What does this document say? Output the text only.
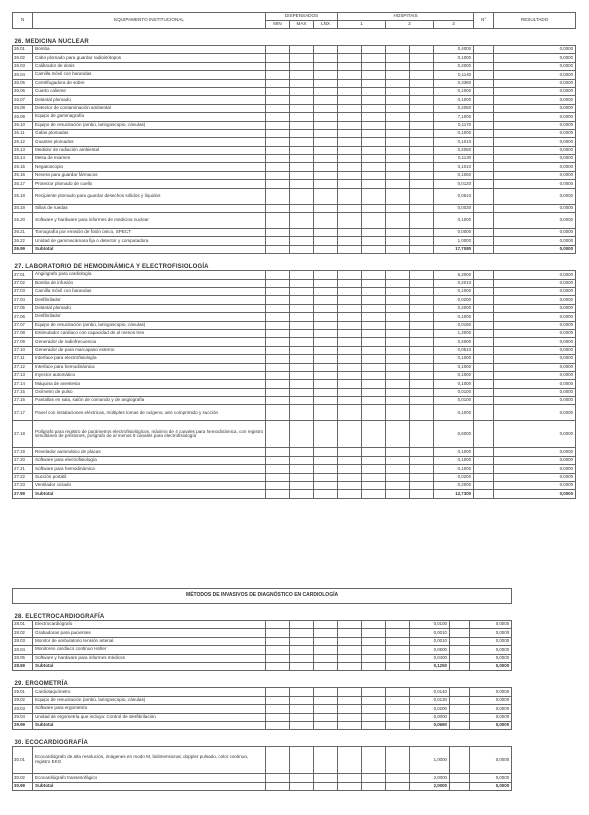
N	EQUIPAMENTO INSTITUCIONAL	DISPENSADOS			HOSPITAIS					N°	RESULTADO
		MIN	MAX	LNX	1		2		3		

26. MEDICINA NUCLEAR											
26.01	Bomba								0,4000		0,0000
26.02	Cabo plomado para guardar radioisótopos								0,1000		0,0000
26.03	Calibrador de dosis								0,2000		0,0000
26.04	Camilla móvil con barandas								0,1140		0,0000
26.05	Centrifugadora de sobre								0,3360		0,0000
26.06	Cuarto caliente								0,1000		0,0000
26.07	Delantal plomado								0,1000		0,0000
26.08	Detector de contaminación ambiental								0,2050		0,0000
26.09	Equipo de gammagrafía								7,1000		0,0000
26.10	Equipo de resucitación (ambú, laringoscopio, cánulas)								0,1170		0,0000
26.11	Gafas plomadas								0,1000		0,0000
26.12	Guantes plomados								0,1010		0,0000
26.13	Medidor de radiación ambiental								0,2050		0,0000
26.14	Mesa de examen								0,1130		0,0000
26.15	Negatoscopio								0,1010		0,0000
26.16	Nevera para guardar fármacos								0,1060		0,0000
26.17	Protector plomado de cuello								0,0120		0,0000
26.18	Recipiente plomado para guardar desechos sólidos y líquidos								0,0610		0,0000
26.19	Sillas de ruedas								0,0030		0,0000
26.20	Software y hardware para informes de medicina nuclear								0,1000		0,0000
26.21	Tomografía por emisión de fotón único, SPECT								0,0000		0,0000
26.22	Unidad de gammacámara fija o detector y computadora								1,0000		0,0000
26.99	Subtotal								17,7080		0,0000

27. LABORATORIO DE HEMODINÁMICA Y ELECTROFISIOLOGÍA											
27.01	Angiógrafo para cardiología								6,2000		0,0000
27.02	Bomba de infusión								0,2010		0,0000
27.03	Camilla móvil con barandas								0,1000		0,0000
27.04	Desfibrilador								0,0200		0,0000
27.05	Delantal plomado								0,2000		0,0000
27.06	Desfibrilador								0,1000		0,0000
27.07	Equipo de resucitación (ambú, laringoscopio, cánulas)								0,0190		0,0000
27.08	Estimulador cardiaco con capacidad de al menos tres								1,2000		0,0000
27.09	Generador de radiofrecuencia								0,2000		0,0000
27.10	Generador de para marcapaso externo								0,0510		0,0000
27.11	Interface para electrofisiología								0,1000		0,0000
27.12	Interface para hemodinámica								0,1000		0,0000
27.13	Inyector automático								0,1000		0,0000
27.14	Máquina de anestesia								0,1000		0,0000
27.15	Oxímetro de pulso								0,0100		0,0000
27.16	Pantallas en sala, salón de comando y de angiografía								0,0100		0,0000
27.17	Panel con instalaciones eléctricas, múltiples tomas de oxígeno, aire comprimido y succión								0,1000		0,0000
27.18	Polígrafo para registro de parámetros electrofisiológicos, máximo de 4 canales para hemodinámica, con registro simultáneo de presiones, polígrafo de al menos 8 canales para electrofisiología								0,6000		0,0000
27.19	Revelador automático de placas								0,1000		0,0000
27.20	Software para electrofisiología								0,1000		0,0000
27.21	Software para hemodinámica								0,1000		0,0000
27.22	Succión portátil								0,0200		0,0000
27.23	Ventilador ciclado								0,2000		0,0000
27.99	Subtotal								12,7300		0,0000
MÉTODOS DE INVASIVOS DE DIAGNÓSTICO EN CARDIOLOGÍA										

28. ELECTROCARDIOGRAFÍA										
28.01	Electrocardiógrafo							0,0100		0,0000
28.02	Grabadoras para pacientes							0,0010		0,0000
28.03	Monitor de ambulatorio tensión arterial							0,0010		0,0000
28.04	Monitoreo cardíaco continuo Holter							0,0600		0,0000
28.05	Software y hardware para informes médicos							0,0400		0,0000
28.99	Subtotal							0,1250		0,0000

29. ERGOMETRÍA										
29.01	Cardiotaquímetro							0,0140		0,0000
29.02	Equipo de resucitación (ambú, laringoscopio, cánulas)							0,0130		0,0000
29.03	Software para ergometría							0,0200		0,0000
29.04	Unidad de ergometría que incluya: Control de desfibrilación							0,0000		0,0000
29.99	Subtotal							0,0680		0,0000

30. ECOCARDIOGRAFÍA										
30.01	Ecocardiógrafo de alta resolución, imágenes en modo M, bidimensional, doppler pulsado, color continuo, registro EKG							1,0000		0,0000
30.02	Ecocardiógrafo transesofágico							2,0000		0,0000
30.99	Subtotal							2,0000		0,0000
